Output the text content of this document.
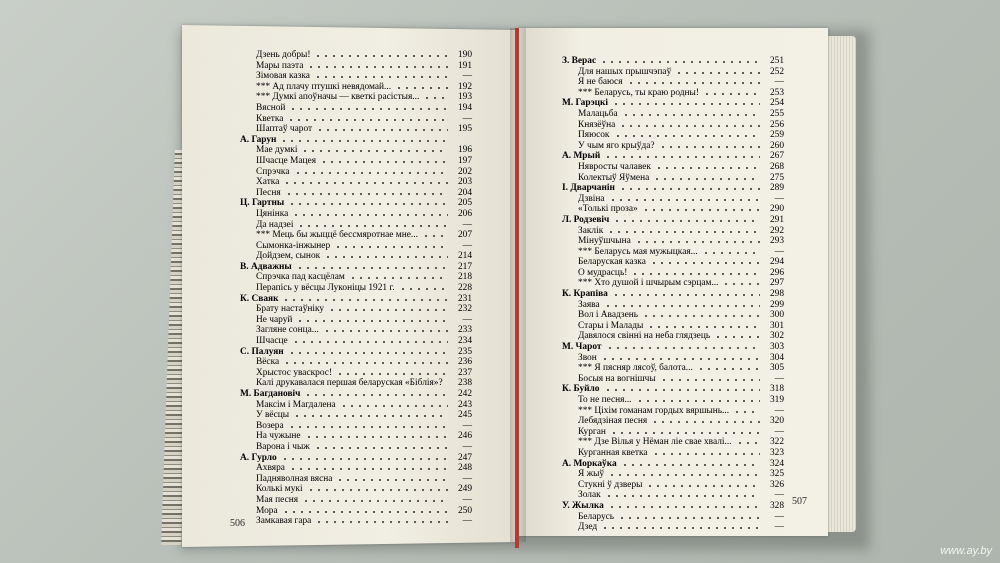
Дзень добры!	190
Мары паэта	191
Зімовая казка	—
*** Ад плачу птушкі невядомай...	192
*** Думкі апоўначы — кветкі расістыя...	193
Вясной	194
Кветка	—
Шаптаў чарот	195
А. Гарун
Мае думкі	196
Шчасце Мацея	197
Спрэчка	202
Хатка	203
Песня	204
Ц. Гартны	205
Цянінка	206
Да надзеі	—
*** Мець бы жыццё бессмяротнае мне...	207
Сымонка-інжынер	—
Дойдзем, сынок	214
В. Адважны	217
Спрэчка пад касцёлам	218
Перапісь у вёсцы Луконіцы 1921 г.	228
К. Сваяк	231
Брату настаўніку	232
Не чаруй	—
Загляне сонца...	233
Шчасце	234
С. Палуян	235
Вёска	236
Хрыстос уваскрос!	237
Калі друкавалася першая беларуская «Біблія»? 238
М. Багдановіч	242
Максім і Магдалена	243
У вёсцы	245
Возера	—
На чужыне	246
Варона і чыж	—
А. Гурло	247
Ахвяра	248
Падняволная вясна	—
Колькі мукі	249
Мая песня	—
Мора	250
Замкавая гара	—
З. Верас	251
Для нашых прышчэпаў	252
Я не баюся	—
*** Беларусь, ты краю родны!	253
М. Гарэцкі	254
Малацьба	255
Князёўна	256
Пяюсок	259
У чым яго крыўда?	260
А. Мрый	267
Нявросты чалавек	268
Колектыў Яўмена	275
І. Дварчанін	289
Дзвіна	—
«Толькі проза»	290
Л. Родзевіч	291
Заклік	292
Мінуўшчына	293
*** Беларусь мая мужыцкая...	—
Беларуская казка	294
О мудрасць!	296
*** Хто душой і шчырым сэрцам...	297
К. Крапіва	298
Заява	299
Вол і Авадзень	300
Стары і Малады	301
Давялося свінні на неба глядзець	302
М. Чарот	303
Звон	304
*** Я пясняр лясоў, балота...	305
Босыя на вогнішчы	—
К. Буйло	318
То не песня...	319
*** Ціхім гоманам гордых вяршынь...	—
Лебядзіная песня	320
Курган	—
*** Дзе Вілья у Нёман ліе свае хвалі...	322
Курганная кветка	323
А. Моркаўка	324
Я жыў	325
Стукні ў дзверы	326
Золак	—
У. Жылка	328
Беларусь	—
Дзед	—
506
507
www.ay.by
